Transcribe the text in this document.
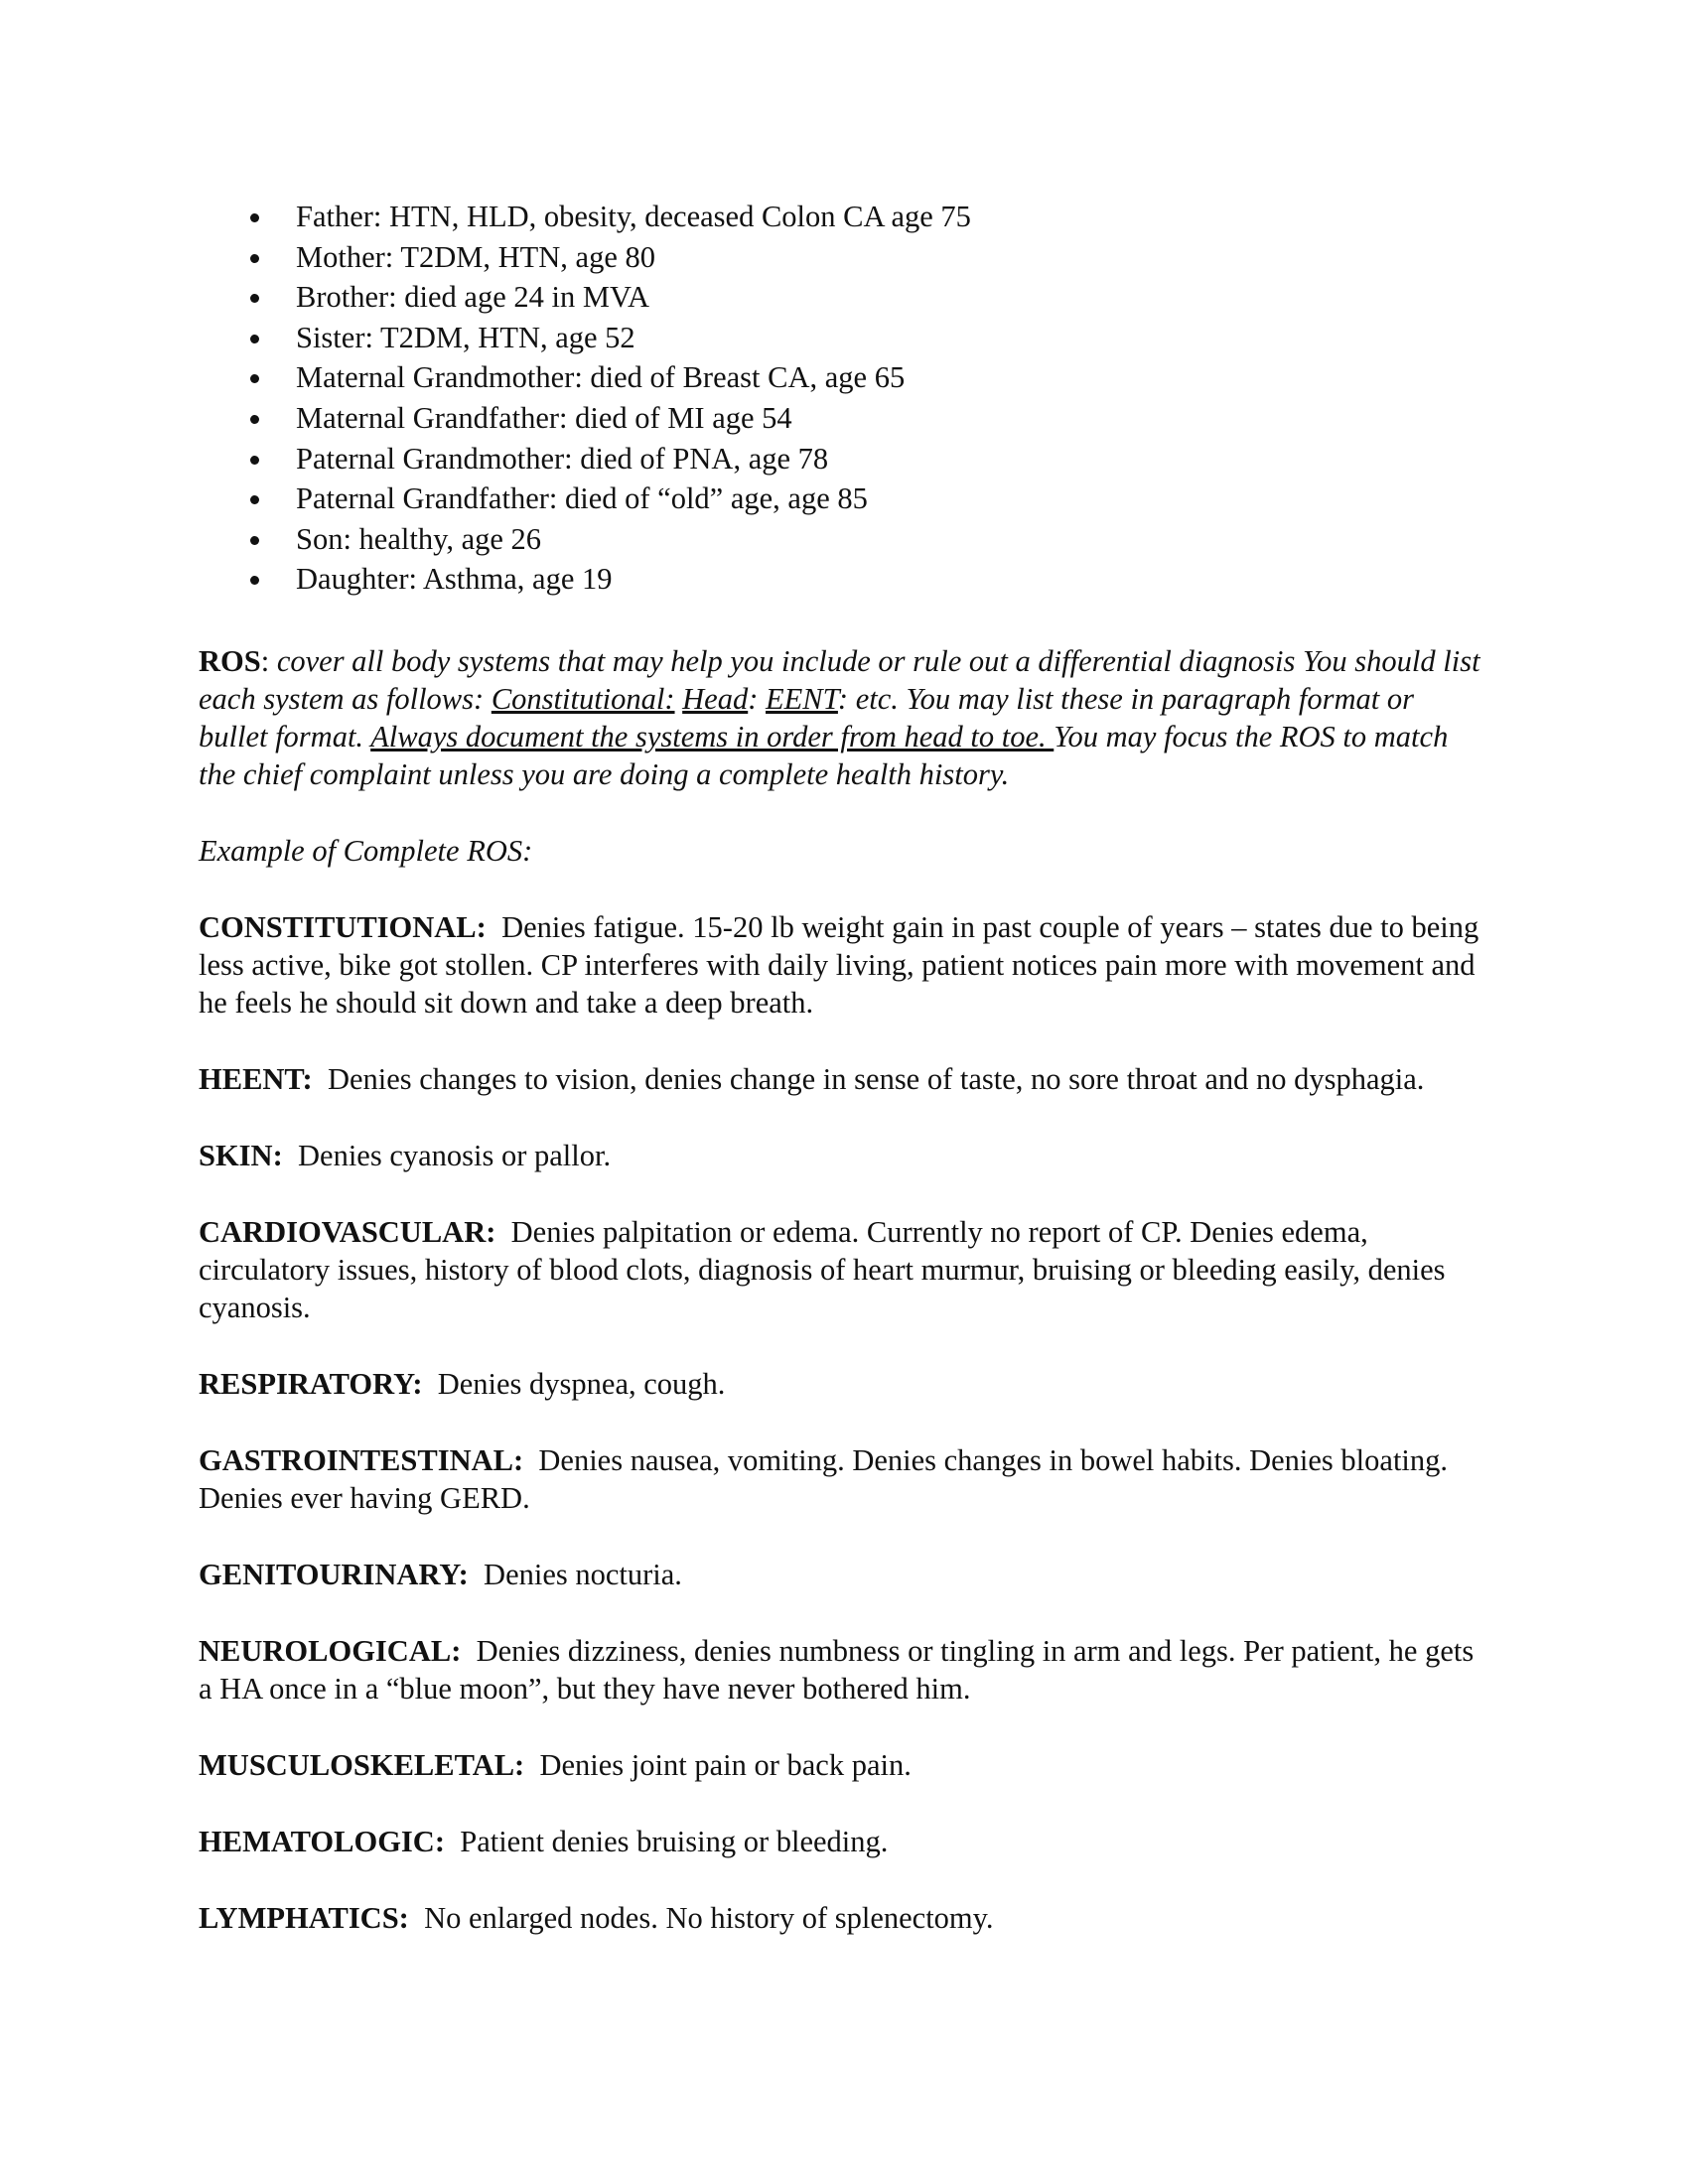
Father: HTN, HLD, obesity, deceased Colon CA age 75
Mother: T2DM, HTN, age 80
Brother: died age 24 in MVA
Sister: T2DM, HTN, age 52
Maternal Grandmother: died of Breast CA, age 65
Maternal Grandfather: died of MI age 54
Paternal Grandmother: died of PNA, age 78
Paternal Grandfather: died of “old” age, age 85
Son: healthy, age 26
Daughter: Asthma, age 19

ROS: cover all body systems that may help you include or rule out a differential diagnosis You should list each system as follows: Constitutional: Head: EENT: etc. You may list these in paragraph format or bullet format. Always document the systems in order from head to toe. You may focus the ROS to match the chief complaint unless you are doing a complete health history.

Example of Complete ROS:

CONSTITUTIONAL: Denies fatigue. 15-20 lb weight gain in past couple of years – states due to being less active, bike got stollen. CP interferes with daily living, patient notices pain more with movement and he feels he should sit down and take a deep breath.

HEENT: Denies changes to vision, denies change in sense of taste, no sore throat and no dysphagia.

SKIN: Denies cyanosis or pallor.

CARDIOVASCULAR: Denies palpitation or edema. Currently no report of CP. Denies edema, circulatory issues, history of blood clots, diagnosis of heart murmur, bruising or bleeding easily, denies cyanosis.

RESPIRATORY: Denies dyspnea, cough.

GASTROINTESTINAL: Denies nausea, vomiting. Denies changes in bowel habits. Denies bloating. Denies ever having GERD.

GENITOURINARY: Denies nocturia.

NEUROLOGICAL: Denies dizziness, denies numbness or tingling in arm and legs. Per patient, he gets a HA once in a “blue moon”, but they have never bothered him.

MUSCULOSKELETAL: Denies joint pain or back pain.

HEMATOLOGIC: Patient denies bruising or bleeding.

LYMPHATICS: No enlarged nodes. No history of splenectomy.
